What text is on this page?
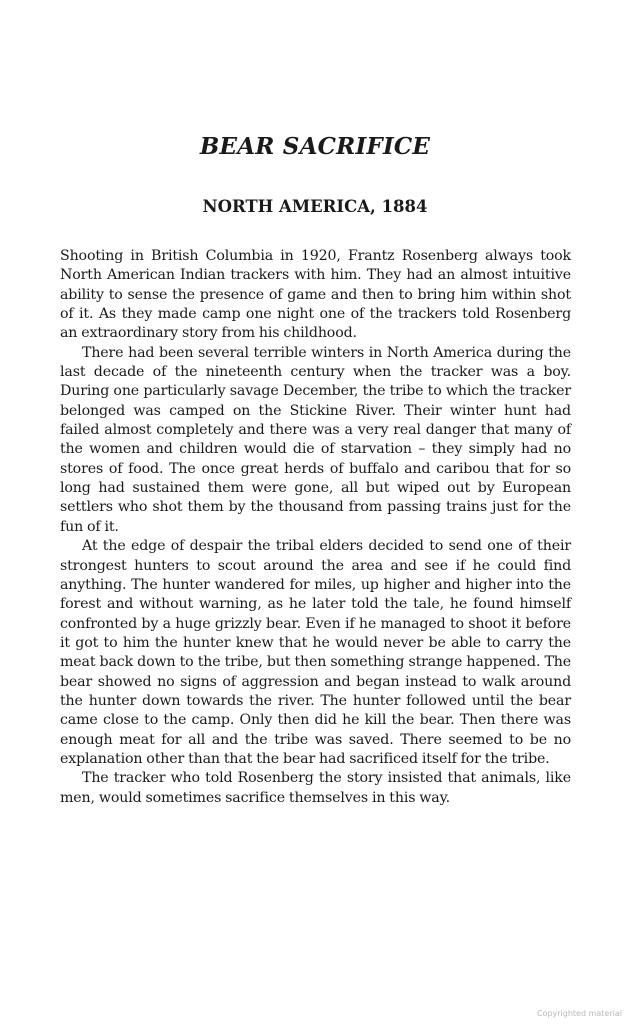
BEAR SACRIFICE
NORTH AMERICA, 1884

Shooting in British Columbia in 1920, Frantz Rosenberg always took North American Indian trackers with him. They had an almost intuitive ability to sense the presence of game and then to bring him within shot of it. As they made camp one night one of the trackers told Rosenberg an extraordinary story from his childhood.

There had been several terrible winters in North America during the last decade of the nineteenth century when the tracker was a boy. During one particularly savage December, the tribe to which the tracker belonged was camped on the Stickine River. Their winter hunt had failed almost completely and there was a very real danger that many of the women and children would die of starvation – they simply had no stores of food. The once great herds of buffalo and caribou that for so long had sustained them were gone, all but wiped out by European settlers who shot them by the thousand from passing trains just for the fun of it.

At the edge of despair the tribal elders decided to send one of their strongest hunters to scout around the area and see if he could find anything. The hunter wandered for miles, up higher and higher into the forest and without warning, as he later told the tale, he found himself confronted by a huge grizzly bear. Even if he managed to shoot it before it got to him the hunter knew that he would never be able to carry the meat back down to the tribe, but then something strange happened. The bear showed no signs of aggression and began instead to walk around the hunter down towards the river. The hunter followed until the bear came close to the camp. Only then did he kill the bear. Then there was enough meat for all and the tribe was saved. There seemed to be no explanation other than that the bear had sacrificed itself for the tribe.

The tracker who told Rosenberg the story insisted that animals, like men, would sometimes sacrifice themselves in this way.

Copyrighted material
